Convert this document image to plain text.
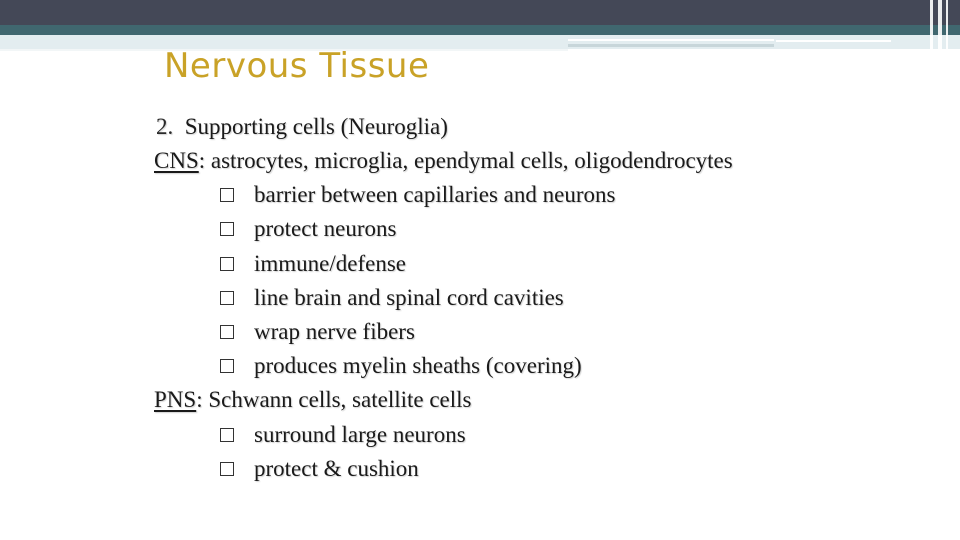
Nervous Tissue
2. Supporting cells (Neuroglia)
CNS: astrocytes, microglia, ependymal cells, oligodendrocytes
barrier between capillaries and neurons
protect neurons
immune/defense
line brain and spinal cord cavities
wrap nerve fibers
produces myelin sheaths (covering)
PNS: Schwann cells, satellite cells
surround large neurons
protect & cushion
